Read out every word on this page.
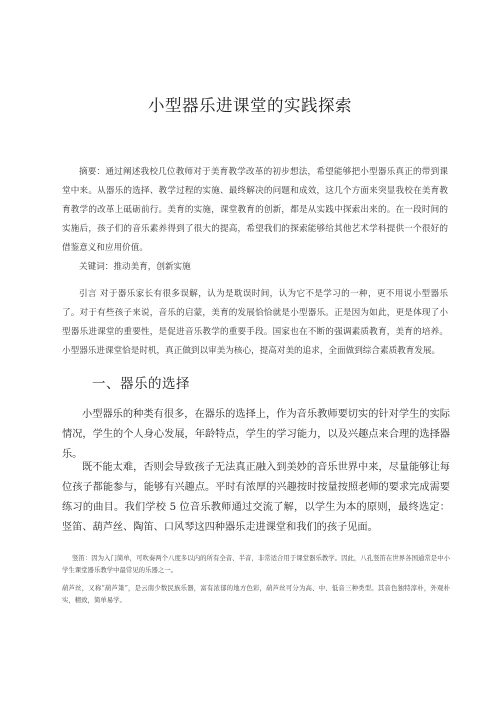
小型器乐进课堂的实践探索

摘要：通过阐述我校几位教师对于美育教学改革的初步想法，希望能够把小型器乐真正的带到课堂中来。从器乐的选择、教学过程的实施、最终解决的问题和成效，这几个方面来突显我校在美育教育教学的改革上砥砺前行。美育的实施，课堂教育的创新，都是从实践中探索出来的。在一段时间的实施后，孩子们的音乐素养得到了很大的提高，希望我们的探索能够给其他艺术学科提供一个很好的借鉴意义和应用价值。

关键词：推动美育，创新实施

引言 对于器乐家长有很多误解，认为是耽误时间，认为它不是学习的一种，更不用说小型器乐了。对于有些孩子来说，音乐的启蒙，美育的发展恰恰就是小型器乐。正是因为如此，更是体现了小型器乐进课堂的重要性，是促进音乐教学的重要手段。国家也在不断的强调素质教育，美育的培养。小型器乐进课堂恰是时机，真正做到以审美为核心，提高对美的追求，全面做到综合素质教育发展。

一、器乐的选择

小型器乐的种类有很多，在器乐的选择上，作为音乐教师要切实的针对学生的实际情况，学生的个人身心发展，年龄特点，学生的学习能力，以及兴趣点来合理的选择器乐。

既不能太难，否则会导致孩子无法真正融入到美妙的音乐世界中来，尽量能够让每位孩子都能参与，能够有兴趣点。平时有浓厚的兴趣按时按量按照老师的要求完成需要练习的曲目。我们学校 5 位音乐教师通过交流了解，以学生为本的原则，最终选定：竖笛、葫芦丝、陶笛、口风琴这四种器乐走进课堂和我们的孩子见面。

竖笛：因为入门简单，可吹奏两个八度多以内的所有全音、半音，非常适合用于课堂器乐教学。因此，八孔竖笛在世界各国通常是中小学生课堂器乐教学中最常见的乐器之一。

葫芦丝，又称“葫芦箫”，是云南少数民族乐器，富有浓郁的地方色彩，葫芦丝可分为高、中、低音三种类型。其音色独特淳朴，外观朴实，精致，简单易学。
